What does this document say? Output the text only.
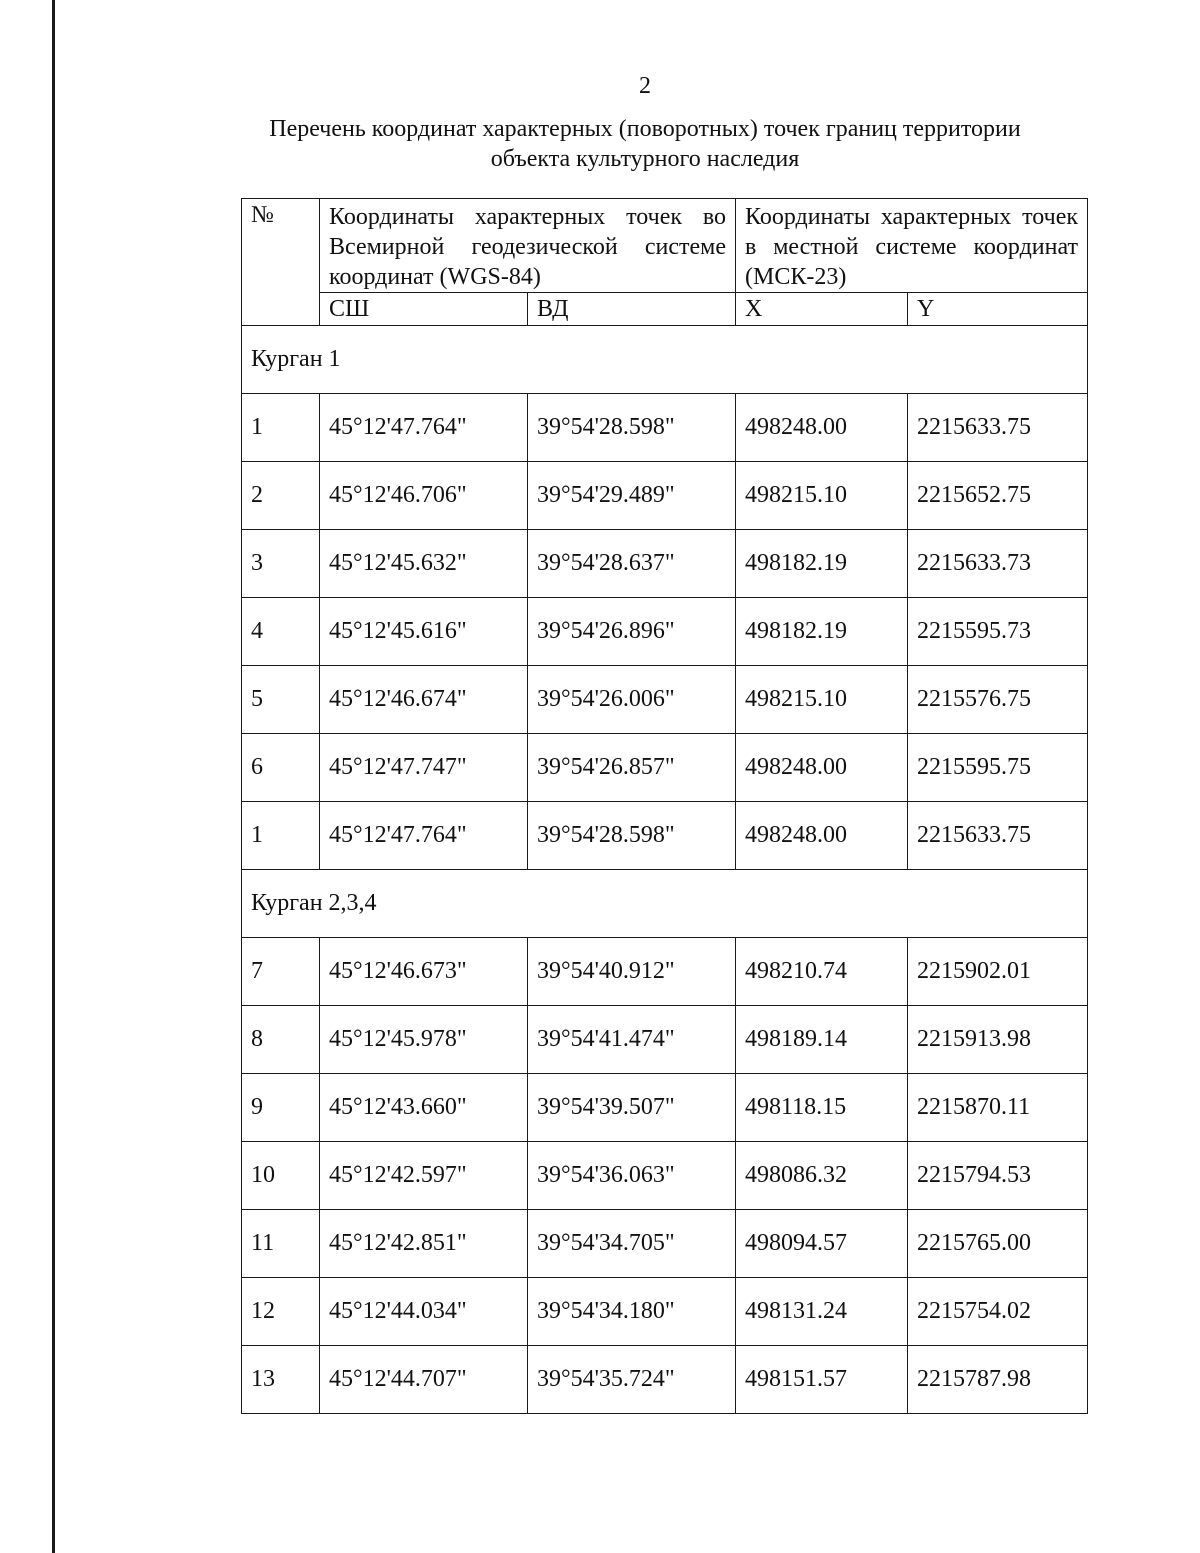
2
Перечень координат характерных (поворотных) точек границ территории
объекта культурного наследия
№	Координаты характерных точек во Всемирной геодезической системе координат (WGS-84)		Координаты характерных точек в местной системе координат (МСК-23)	
	СШ	ВД	X	Y
Курган 1				
1	45°12'47.764"	39°54'28.598"	498248.00	2215633.75
2	45°12'46.706"	39°54'29.489"	498215.10	2215652.75
3	45°12'45.632"	39°54'28.637"	498182.19	2215633.73
4	45°12'45.616"	39°54'26.896"	498182.19	2215595.73
5	45°12'46.674"	39°54'26.006"	498215.10	2215576.75
6	45°12'47.747"	39°54'26.857"	498248.00	2215595.75
1	45°12'47.764"	39°54'28.598"	498248.00	2215633.75
Курган 2,3,4				
7	45°12'46.673"	39°54'40.912"	498210.74	2215902.01
8	45°12'45.978"	39°54'41.474"	498189.14	2215913.98
9	45°12'43.660"	39°54'39.507"	498118.15	2215870.11
10	45°12'42.597"	39°54'36.063"	498086.32	2215794.53
11	45°12'42.851"	39°54'34.705"	498094.57	2215765.00
12	45°12'44.034"	39°54'34.180"	498131.24	2215754.02
13	45°12'44.707"	39°54'35.724"	498151.57	2215787.98
